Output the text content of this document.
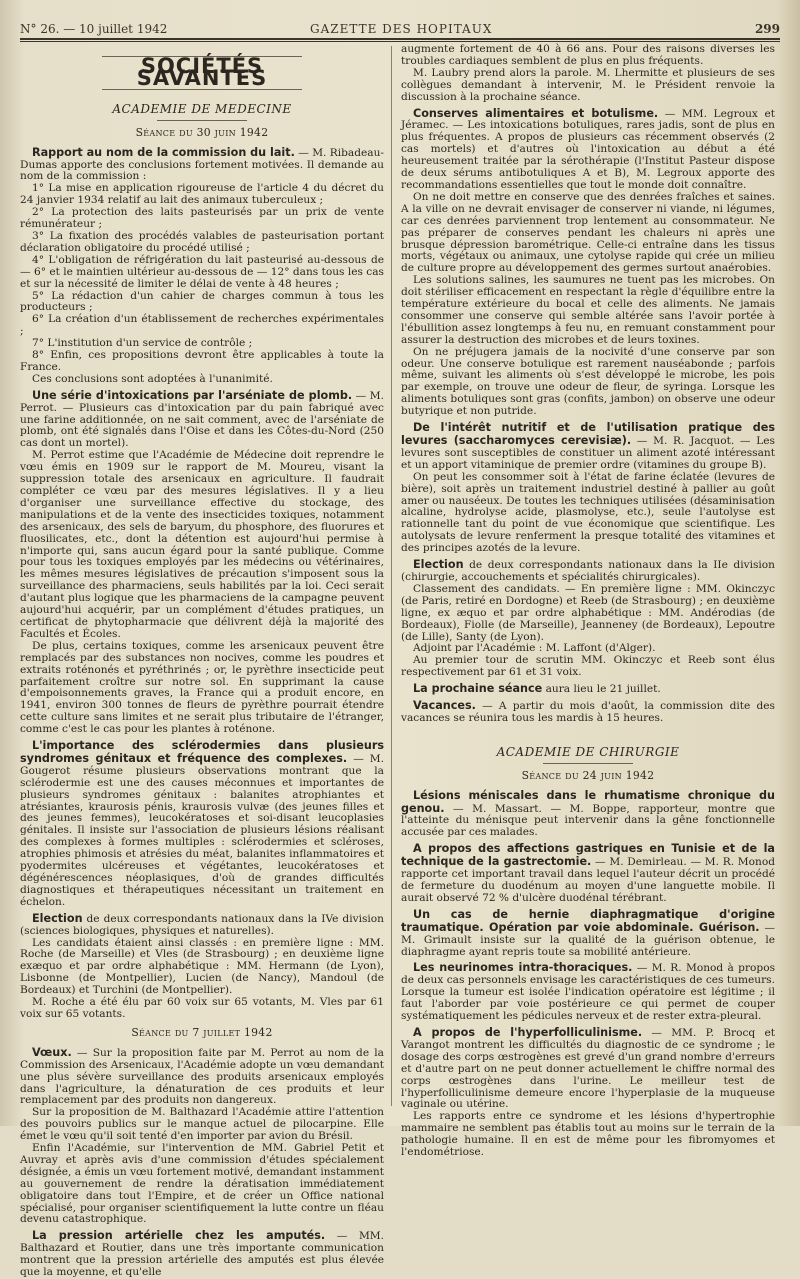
N° 26. — 10 juillet 1942	GAZETTE DES HOPITAUX	299
SOCIÉTÉS SAVANTES
ACADEMIE DE MEDECINE
Séance du 30 juin 1942

Rapport au nom de la commission du lait. — M. Ribadeau-Dumas apporte des conclusions fortement motivées. Il demande au nom de la commission :

1° La mise en application rigoureuse de l'article 4 du décret du 24 janvier 1934 relatif au lait des animaux tuberculeux ;

2° La protection des laits pasteurisés par un prix de vente rémunérateur ;

3° La fixation des procédés valables de pasteurisation portant déclaration obligatoire du procédé utilisé ;

4° L'obligation de réfrigération du lait pasteurisé au-dessous de — 6° et le maintien ultérieur au-dessous de — 12° dans tous les cas et sur la nécessité de limiter le délai de vente à 48 heures ;

5° La rédaction d'un cahier de charges commun à tous les producteurs ;

6° La création d'un établissement de recherches expérimentales ;

7° L'institution d'un service de contrôle ;

8° Enfin, ces propositions devront être applicables à toute la France.

Ces conclusions sont adoptées à l'unanimité.

Une série d'intoxications par l'arséniate de plomb. — M. Perrot. — Plusieurs cas d'intoxication par du pain fabriqué avec une farine additionnée, on ne sait comment, avec de l'arséniate de plomb, ont été signalés dans l'Oise et dans les Côtes-du-Nord (250 cas dont un mortel).

M. Perrot estime que l'Académie de Médecine doit reprendre le vœu émis en 1909 sur le rapport de M. Moureu, visant la suppression totale des arsenicaux en agriculture. Il faudrait compléter ce vœu par des mesures législatives. Il y a lieu d'organiser une surveillance effective du stockage, des manipulations et de la vente des insecticides toxiques, notamment des arsenicaux, des sels de baryum, du phosphore, des fluorures et fluosilicates, etc., dont la détention est aujourd'hui permise à n'importe qui, sans aucun égard pour la santé publique. Comme pour tous les toxiques employés par les médecins ou vétérinaires, les mêmes mesures législatives de précaution s'imposent sous la surveillance des pharmaciens, seuls habilités par la loi. Ceci serait d'autant plus logique que les pharmaciens de la campagne peuvent aujourd'hui acquérir, par un complément d'études pratiques, un certificat de phytopharmacie que délivrent déjà la majorité des Facultés et Écoles.

De plus, certains toxiques, comme les arsenicaux peuvent être remplacés par des substances non nocives, comme les poudres et extraits roténonés et pyréthrinés ; or, le pyrèthre insecticide peut parfaitement croître sur notre sol. En supprimant la cause d'empoisonnements graves, la France qui a produit encore, en 1941, environ 300 tonnes de fleurs de pyrèthre pourrait étendre cette culture sans limites et ne serait plus tributaire de l'étranger, comme c'est le cas pour les plantes à roténone.

L'importance des sclérodermies dans plusieurs syndromes génitaux et fréquence des complexes. — M. Gougerot résume plusieurs observations montrant que la sclérodermie est une des causes méconnues et importantes de plusieurs syndromes génitaux : balanites atrophiantes et atrésiantes, kraurosis pénis, kraurosis vulvæ (des jeunes filles et des jeunes femmes), leucokératoses et soi-disant leucoplasies génitales. Il insiste sur l'association de plusieurs lésions réalisant des complexes à formes multiples : sclérodermies et scléroses, atrophies phimosis et atrésies du méat, balanites inflammatoires et pyodermites ulcéreuses et végétantes, leucokératoses et dégénérescences néoplasiques, d'où de grandes difficultés diagnostiques et thérapeutiques nécessitant un traitement en échelon.

Election de deux correspondants nationaux dans la IVe division (sciences biologiques, physiques et naturelles).

Les candidats étaient ainsi classés : en première ligne : MM. Roche (de Marseille) et Vles (de Strasbourg) ; en deuxième ligne exæquo et par ordre alphabétique : MM. Hermann (de Lyon), Lisbonne (de Montpellier), Lucien (de Nancy), Mandoul (de Bordeaux) et Turchini (de Montpellier).

M. Roche a été élu par 60 voix sur 65 votants, M. Vles par 61 voix sur 65 votants.

Séance du 7 juillet 1942

Vœux. — Sur la proposition faite par M. Perrot au nom de la Commission des Arsenicaux, l'Académie adopte un vœu demandant une plus sévère surveillance des produits arsenicaux employés dans l'agriculture, la dénaturation de ces produits et leur remplacement par des produits non dangereux.

Sur la proposition de M. Balthazard l'Académie attire l'attention des pouvoirs publics sur le manque actuel de pilocarpine. Elle émet le vœu qu'il soit tenté d'en importer par avion du Brésil.

Enfin l'Académie, sur l'intervention de MM. Gabriel Petit et Auvray et après avis d'une commission d'études spécialement désignée, a émis un vœu fortement motivé, demandant instamment au gouvernement de rendre la dératisation immédiatement obligatoire dans tout l'Empire, et de créer un Office national spécialisé, pour organiser scientifiquement la lutte contre un fléau devenu catastrophique.

La pression artérielle chez les amputés. — MM. Balthazard et Routier, dans une très importante communication montrent que la pression artérielle des amputés est plus élevée que la moyenne, et qu'elle

augmente fortement de 40 à 66 ans. Pour des raisons diverses les troubles cardiaques semblent de plus en plus fréquents.

M. Laubry prend alors la parole. M. Lhermitte et plusieurs de ses collègues demandant à intervenir, M. le Président renvoie la discussion à la prochaine séance.

Conserves alimentaires et botulisme. — MM. Legroux et Jéramec. — Les intoxications botuliques, rares jadis, sont de plus en plus fréquentes. A propos de plusieurs cas récemment observés (2 cas mortels) et d'autres où l'intoxication au début a été heureusement traitée par la sérothérapie (l'Institut Pasteur dispose de deux sérums antibotuliques A et B), M. Legroux apporte des recommandations essentielles que tout le monde doit connaître.

On ne doit mettre en conserve que des denrées fraîches et saines. A la ville on ne devrait envisager de conserver ni viande, ni légumes, car ces denrées parviennent trop lentement au consommateur. Ne pas préparer de conserves pendant les chaleurs ni après une brusque dépression barométrique. Celle-ci entraîne dans les tissus morts, végétaux ou animaux, une cytolyse rapide qui crée un milieu de culture propre au développement des germes surtout anaérobies.

Les solutions salines, les saumures ne tuent pas les microbes. On doit stériliser efficacement en respectant la règle d'équilibre entre la température extérieure du bocal et celle des aliments. Ne jamais consommer une conserve qui semble altérée sans l'avoir portée à l'ébullition assez longtemps à feu nu, en remuant constamment pour assurer la destruction des microbes et de leurs toxines.

On ne préjugera jamais de la nocivité d'une conserve par son odeur. Une conserve botulique est rarement nauséabonde ; parfois même, suivant les aliments où s'est développé le microbe, les pois par exemple, on trouve une odeur de fleur, de syringa. Lorsque les aliments botuliques sont gras (confits, jambon) on observe une odeur butyrique et non putride.

De l'intérêt nutritif et de l'utilisation pratique des levures (saccharomyces cerevisiæ). — M. R. Jacquot. — Les levures sont susceptibles de constituer un aliment azoté intéressant et un apport vitaminique de premier ordre (vitamines du groupe B).

On peut les consommer soit à l'état de farine éclatée (levures de bière), soit après un traitement industriel destiné à pallier au goût amer ou nauséeux. De toutes les techniques utilisées (désaminisation alcaline, hydrolyse acide, plasmolyse, etc.), seule l'autolyse est rationnelle tant du point de vue économique que scientifique. Les autolysats de levure renferment la presque totalité des vitamines et des principes azotés de la levure.

Election de deux correspondants nationaux dans la IIe division (chirurgie, accouchements et spécialités chirurgicales).

Classement des candidats. — En première ligne : MM. Okinczyc (de Paris, retiré en Dordogne) et Reeb (de Strasbourg) ; en deuxième ligne, ex æquo et par ordre alphabétique : MM. Andérodias (de Bordeaux), Fiolle (de Marseille), Jeanneney (de Bordeaux), Lepoutre (de Lille), Santy (de Lyon).

Adjoint par l'Académie : M. Laffont (d'Alger).

Au premier tour de scrutin MM. Okinczyc et Reeb sont élus respectivement par 61 et 31 voix.

La prochaine séance aura lieu le 21 juillet.

Vacances. — A partir du mois d'août, la commission dite des vacances se réunira tous les mardis à 15 heures.

ACADEMIE DE CHIRURGIE
Séance du 24 juin 1942

Lésions méniscales dans le rhumatisme chronique du genou. — M. Massart. — M. Boppe, rapporteur, montre que l'atteinte du ménisque peut intervenir dans la gêne fonctionnelle accusée par ces malades.

A propos des affections gastriques en Tunisie et de la technique de la gastrectomie. — M. Demirleau. — M. R. Monod rapporte cet important travail dans lequel l'auteur décrit un procédé de fermeture du duodénum au moyen d'une languette mobile. Il aurait observé 72 % d'ulcère duodénal térébrant.

Un cas de hernie diaphragmatique d'origine traumatique. Opération par voie abdominale. Guérison. — M. Grimault insiste sur la qualité de la guérison obtenue, le diaphragme ayant repris toute sa mobilité antérieure.

Les neurinomes intra-thoraciques. — M. R. Monod à propos de deux cas personnels envisage les caractéristiques de ces tumeurs. Lorsque la tumeur est isolée l'indication opératoire est légitime ; il faut l'aborder par voie postérieure ce qui permet de couper systématiquement les pédicules nerveux et de rester extra-pleural.

A propos de l'hyperfolliculinisme. — MM. P. Brocq et Varangot montrent les difficultés du diagnostic de ce syndrome ; le dosage des corps œstrogènes est grevé d'un grand nombre d'erreurs et d'autre part on ne peut donner actuellement le chiffre normal des corps œstrogènes dans l'urine. Le meilleur test de l'hyperfolliculinisme demeure encore l'hyperplasie de la muqueuse vaginale ou utérine.

Les rapports entre ce syndrome et les lésions d'hypertrophie mammaire ne semblent pas établis tout au moins sur le terrain de la pathologie humaine. Il en est de même pour les fibromyomes et l'endométriose.
